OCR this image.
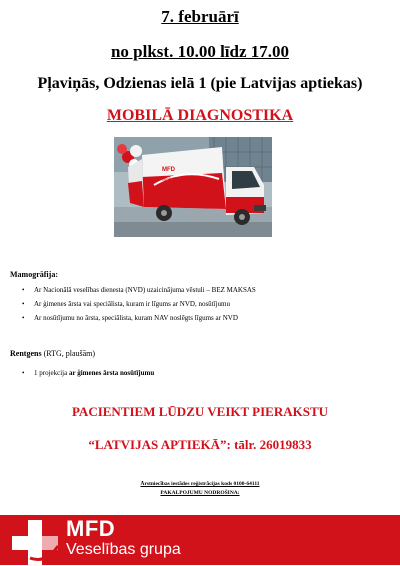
7. februārī
no plkst. 10.00 līdz 17.00
Pļaviņās, Odzienas ielā 1 (pie Latvijas aptiekas)
MOBILĀ DIAGNOSTIKA
MFD
Mobilā diagnostika
Mamogrāfija:
• Ar Nacionālā veselības dienesta (NVD) uzaicinājuma vēstuli – BEZ MAKSAS
• Ar ģimenes ārsta vai speciālista, kuram ir līgums ar NVD, nosūtījumu
• Ar nosūtījumu no ārsta, speciālista, kuram NAV noslēgts līgums ar NVD
Rentgens (RTG, plaušām)
• 1 projekcija ar ģimenes ārsta nosūtījumu
PACIENTIEM LŪDZU VEIKT PIERAKSTU
“LATVIJAS APTIEKĀ”: tālr. 26019833
Ārstniecības iestādes reģistrācijas kods 0100-64111
PAKALPOJUMU NODROŠINA:
MFD
Veselības grupa
